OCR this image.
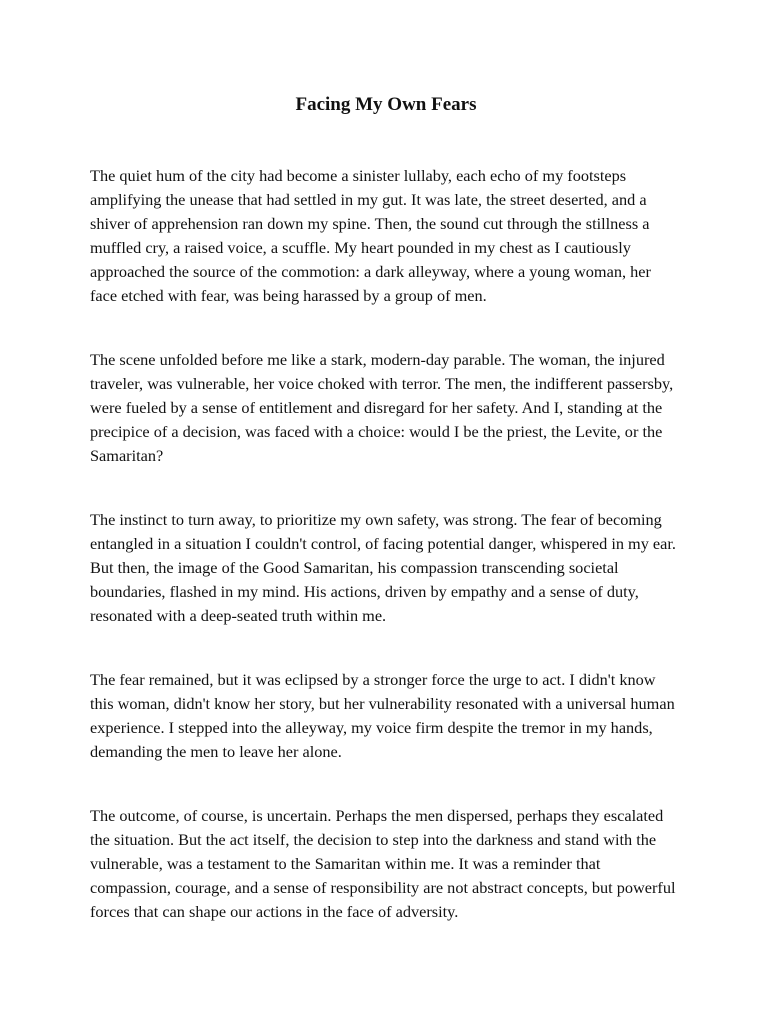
Facing My Own Fears

The quiet hum of the city had become a sinister lullaby, each echo of my footsteps amplifying the unease that had settled in my gut. It was late, the street deserted, and a shiver of apprehension ran down my spine. Then, the sound cut through the stillness a muffled cry, a raised voice, a scuffle. My heart pounded in my chest as I cautiously approached the source of the commotion: a dark alleyway, where a young woman, her face etched with fear, was being harassed by a group of men.

The scene unfolded before me like a stark, modern-day parable. The woman, the injured traveler, was vulnerable, her voice choked with terror. The men, the indifferent passersby, were fueled by a sense of entitlement and disregard for her safety. And I, standing at the precipice of a decision, was faced with a choice: would I be the priest, the Levite, or the Samaritan?

The instinct to turn away, to prioritize my own safety, was strong. The fear of becoming entangled in a situation I couldn't control, of facing potential danger, whispered in my ear. But then, the image of the Good Samaritan, his compassion transcending societal boundaries, flashed in my mind. His actions, driven by empathy and a sense of duty, resonated with a deep-seated truth within me.

The fear remained, but it was eclipsed by a stronger force the urge to act. I didn't know this woman, didn't know her story, but her vulnerability resonated with a universal human experience. I stepped into the alleyway, my voice firm despite the tremor in my hands, demanding the men to leave her alone.

The outcome, of course, is uncertain. Perhaps the men dispersed, perhaps they escalated the situation. But the act itself, the decision to step into the darkness and stand with the vulnerable, was a testament to the Samaritan within me. It was a reminder that compassion, courage, and a sense of responsibility are not abstract concepts, but powerful forces that can shape our actions in the face of adversity.
